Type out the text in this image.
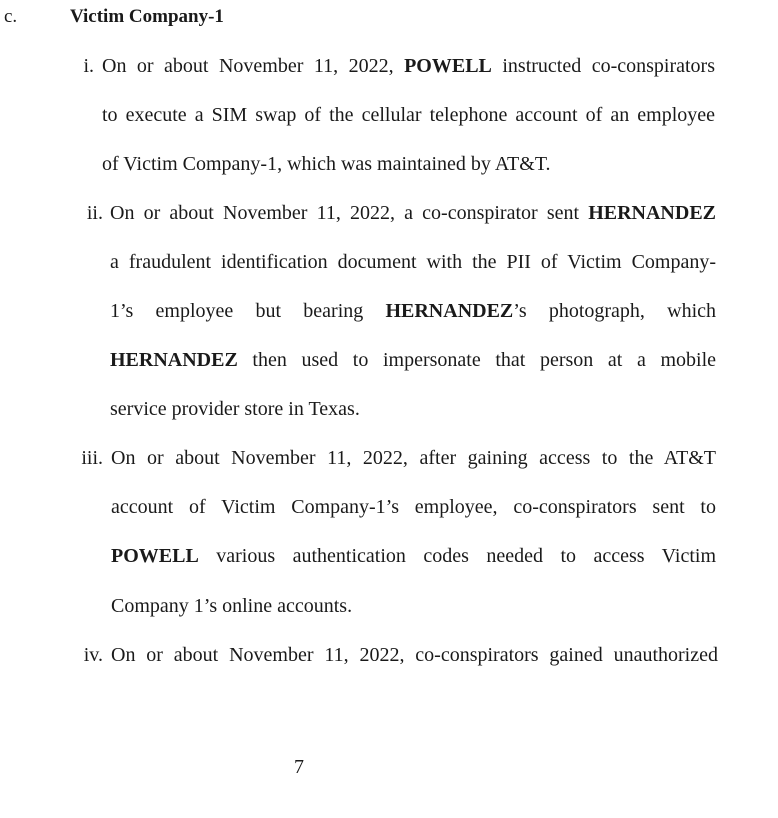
c.	Victim Company-1
i. On or about November 11, 2022, POWELL instructed co-conspirators
to execute a SIM swap of the cellular telephone account of an employee
of Victim Company-1, which was maintained by AT&T.
ii. On or about November 11, 2022, a co-conspirator sent HERNANDEZ
a fraudulent identification document with the PII of Victim Company-
1’s employee but bearing HERNANDEZ’s photograph, which
HERNANDEZ then used to impersonate that person at a mobile
service provider store in Texas.
iii. On or about November 11, 2022, after gaining access to the AT&T
account of Victim Company-1’s employee, co-conspirators sent to
POWELL various authentication codes needed to access Victim
Company 1’s online accounts.
iv. On or about November 11, 2022, co-conspirators gained unauthorized
7
